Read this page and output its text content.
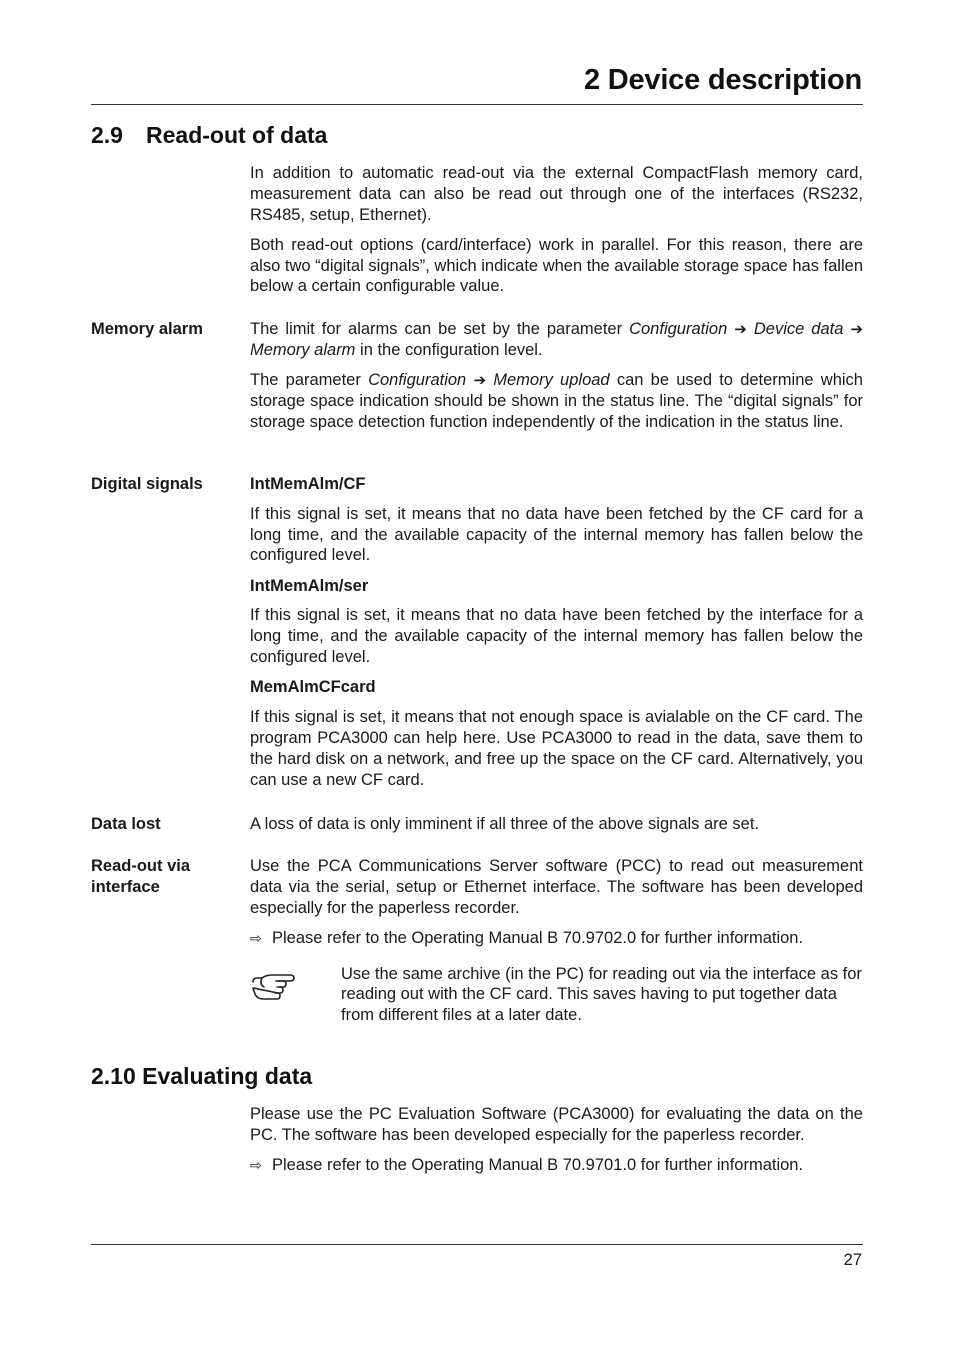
2 Device description
2.9 Read-out of data

In addition to automatic read-out via the external CompactFlash memory card, measurement data can also be read out through one of the interfaces (RS232, RS485, setup, Ethernet).

Both read-out options (card/interface) work in parallel. For this reason, there are also two “digital signals”, which indicate when the available storage space has fallen below a certain configurable value.

Memory alarm	The limit for alarms can be set by the parameter Configuration ➔ Device data ➔ Memory alarm in the configuration level.

The parameter Configuration ➔ Memory upload can be used to determine which storage space indication should be shown in the status line. The “digital signals” for storage space detection function independently of the indication in the status line.

Digital signals	IntMemAlm/CF

If this signal is set, it means that no data have been fetched by the CF card for a long time, and the available capacity of the internal memory has fallen below the configured level.

IntMemAlm/ser

If this signal is set, it means that no data have been fetched by the interface for a long time, and the available capacity of the internal memory has fallen below the configured level.

MemAlmCFcard

If this signal is set, it means that not enough space is avialable on the CF card. The program PCA3000 can help here. Use PCA3000 to read in the data, save them to the hard disk on a network, and free up the space on the CF card. Alternatively, you can use a new CF card.

Data lost	A loss of data is only imminent if all three of the above signals are set.

Read-out via
interface

Use the PCA Communications Server software (PCC) to read out measurement data via the serial, setup or Ethernet interface. The software has been developed especially for the paperless recorder.

⇨ Please refer to the Operating Manual B 70.9702.0 for further information.

Use the same archive (in the PC) for reading out via the interface as for reading out with the CF card. This saves having to put together data from different files at a later date.

2.10 Evaluating data

Please use the PC Evaluation Software (PCA3000) for evaluating the data on the PC. The software has been developed especially for the paperless recorder.

⇨ Please refer to the Operating Manual B 70.9701.0 for further information.

27
